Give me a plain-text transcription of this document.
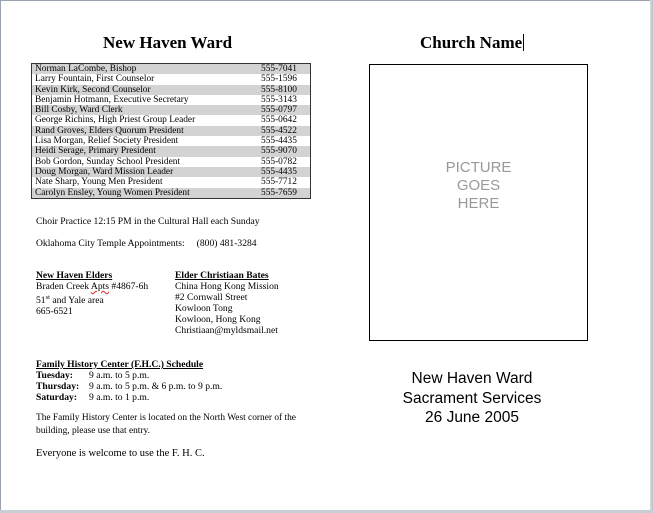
New Haven Ward
Norman LaCombe, Bishop	555-7041
Larry Fountain, First Counselor	555-1596
Kevin Kirk, Second Counselor	555-8100
Benjamin Hotmann, Executive Secretary	555-3143
Bill Cosby, Ward Clerk	555-0797
George Richins, High Priest Group Leader	555-0642
Rand Groves, Elders Quorum President	555-4522
Lisa Morgan, Relief Society President	555-4435
Heidi Serage, Primary President	555-9070
Bob Gordon, Sunday School President	555-0782
Doug Morgan, Ward Mission Leader	555-4435
Nate Sharp, Young Men President	555-7712
Carolyn Ensley, Young Women President	555-7659
Choir Practice 12:15 PM in the Cultural Hall each Sunday
Oklahoma City Temple Appointments: (800) 481-3284
New Haven Elders
Braden Creek Apts #4867-6h
51st and Yale area
665-6521
Elder Christiaan Bates
China Hong Kong Mission
#2 Cornwall Street
Kowloon Tong
Kowloon, Hong Kong
Christiaan@myldsmail.net
Family History Center (F.H.C.) Schedule
Tuesday: 9 a.m. to 5 p.m.
Thursday: 9 a.m. to 5 p.m. & 6 p.m. to 9 p.m.
Saturday: 9 a.m. to 1 p.m.
The Family History Center is located on the North West corner of the building, please use that entry.
Everyone is welcome to use the F. H. C.
Church Name
PICTURE
GOES
HERE
New Haven Ward
Sacrament Services
26 June 2005
